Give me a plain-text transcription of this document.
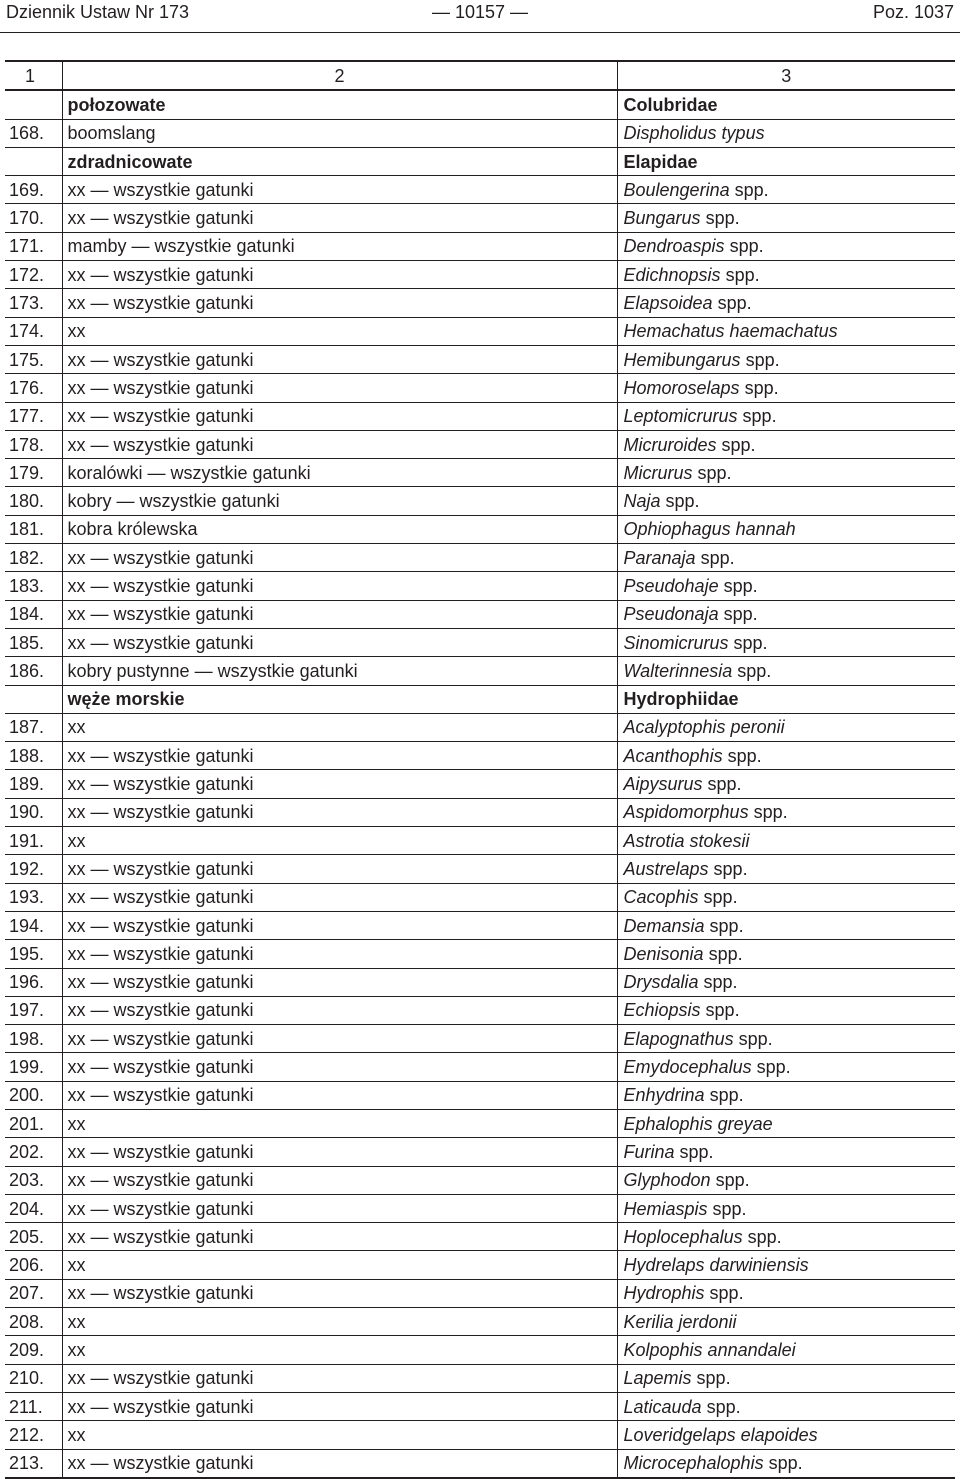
Dziennik Ustaw Nr 173	— 10157 —	Poz. 1037
1	2	3
	połozowate	Colubridae
168.	boomslang	Dispholidus typus
	zdradnicowate	Elapidae
169.	xx — wszystkie gatunki	Boulengerina spp.
170.	xx — wszystkie gatunki	Bungarus spp.
171.	mamby — wszystkie gatunki	Dendroaspis spp.
172.	xx — wszystkie gatunki	Edichnopsis spp.
173.	xx — wszystkie gatunki	Elapsoidea spp.
174.	xx	Hemachatus haemachatus
175.	xx — wszystkie gatunki	Hemibungarus spp.
176.	xx — wszystkie gatunki	Homoroselaps spp.
177.	xx — wszystkie gatunki	Leptomicrurus spp.
178.	xx — wszystkie gatunki	Micruroides spp.
179.	koralówki — wszystkie gatunki	Micrurus spp.
180.	kobry — wszystkie gatunki	Naja spp.
181.	kobra królewska	Ophiophagus hannah
182.	xx — wszystkie gatunki	Paranaja spp.
183.	xx — wszystkie gatunki	Pseudohaje spp.
184.	xx — wszystkie gatunki	Pseudonaja spp.
185.	xx — wszystkie gatunki	Sinomicrurus spp.
186.	kobry pustynne — wszystkie gatunki	Walterinnesia spp.
	węże morskie	Hydrophiidae
187.	xx	Acalyptophis peronii
188.	xx — wszystkie gatunki	Acanthophis spp.
189.	xx — wszystkie gatunki	Aipysurus spp.
190.	xx — wszystkie gatunki	Aspidomorphus spp.
191.	xx	Astrotia stokesii
192.	xx — wszystkie gatunki	Austrelaps spp.
193.	xx — wszystkie gatunki	Cacophis spp.
194.	xx — wszystkie gatunki	Demansia spp.
195.	xx — wszystkie gatunki	Denisonia spp.
196.	xx — wszystkie gatunki	Drysdalia spp.
197.	xx — wszystkie gatunki	Echiopsis spp.
198.	xx — wszystkie gatunki	Elapognathus spp.
199.	xx — wszystkie gatunki	Emydocephalus spp.
200.	xx — wszystkie gatunki	Enhydrina spp.
201.	xx	Ephalophis greyae
202.	xx — wszystkie gatunki	Furina spp.
203.	xx — wszystkie gatunki	Glyphodon spp.
204.	xx — wszystkie gatunki	Hemiaspis spp.
205.	xx — wszystkie gatunki	Hoplocephalus spp.
206.	xx	Hydrelaps darwiniensis
207.	xx — wszystkie gatunki	Hydrophis spp.
208.	xx	Kerilia jerdonii
209.	xx	Kolpophis annandalei
210.	xx — wszystkie gatunki	Lapemis spp.
211.	xx — wszystkie gatunki	Laticauda spp.
212.	xx	Loveridgelaps elapoides
213.	xx — wszystkie gatunki	Microcephalophis spp.
